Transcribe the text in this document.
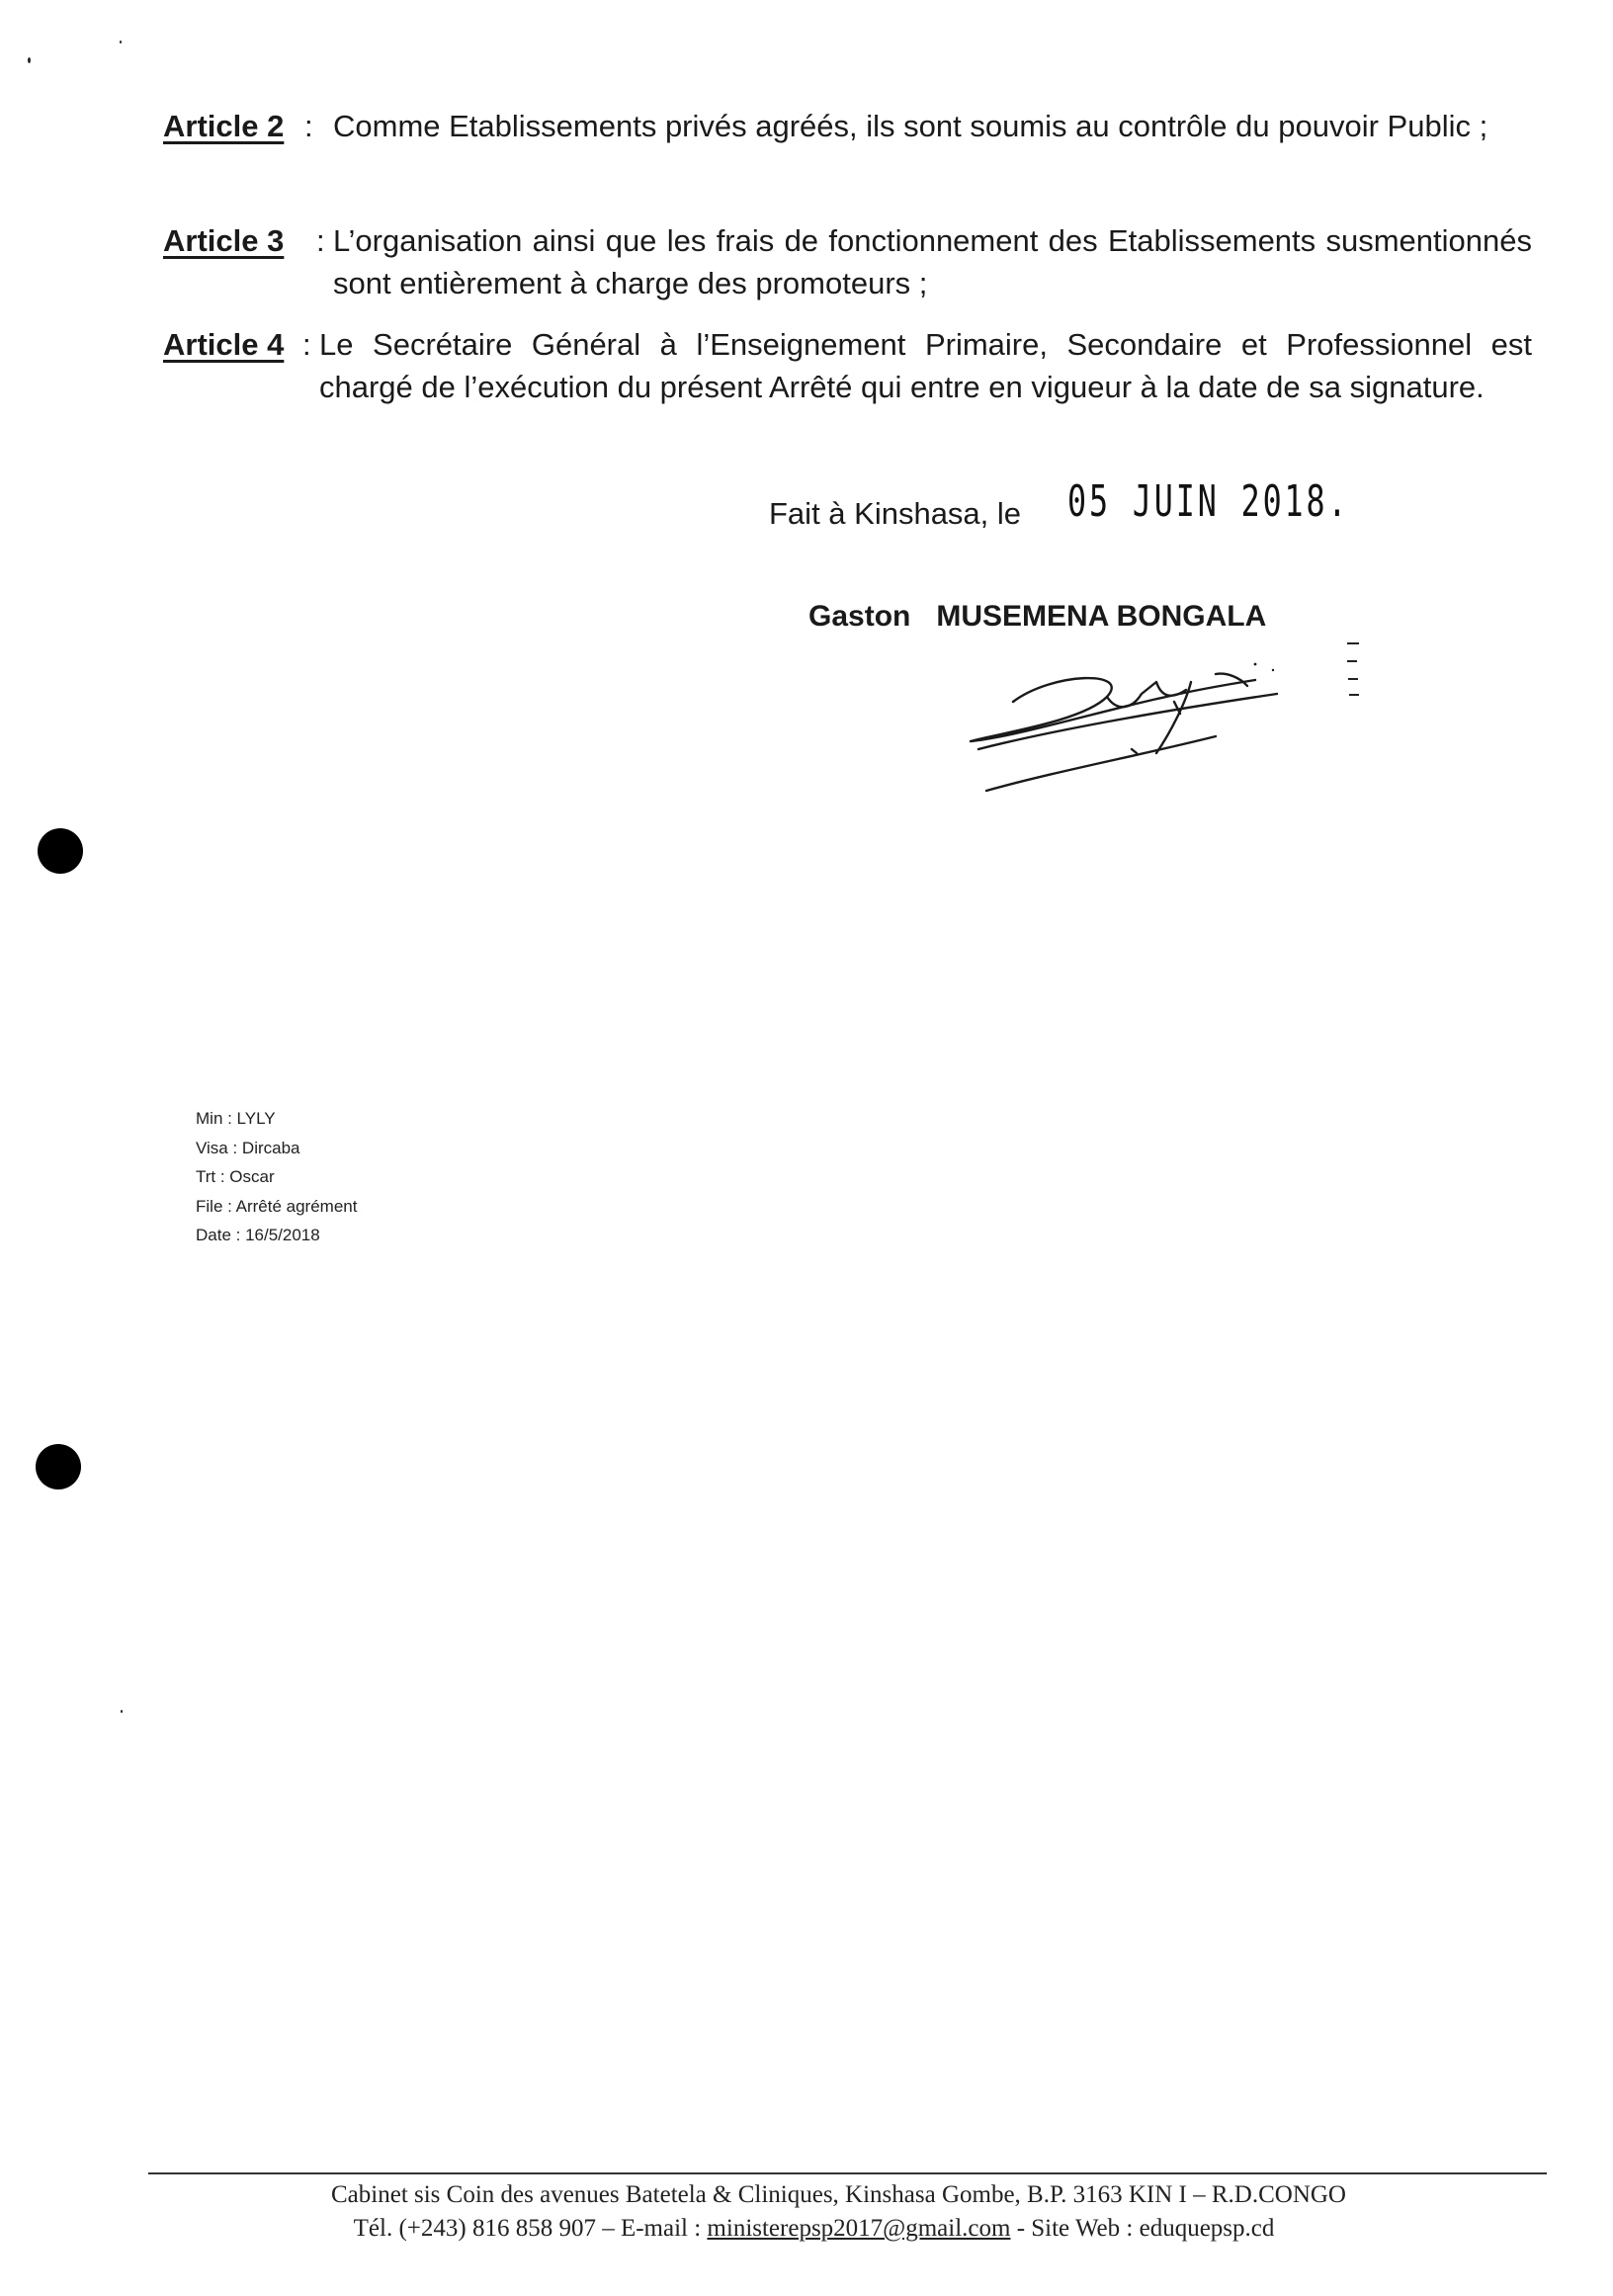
Article 2 : Comme Etablissements privés agréés, ils sont soumis au contrôle du pouvoir Public ;
Article 3 : L’organisation ainsi que les frais de fonctionnement des Etablissements susmentionnés sont entièrement à charge des promoteurs ;
Article 4 : Le Secrétaire Général à l’Enseignement Primaire, Secondaire et Professionnel est chargé de l’exécution du présent Arrêté qui entre en vigueur à la date de sa signature.
Fait à Kinshasa, le 05 JUIN 2018.
Gaston MUSEMENA BONGALA
Min : LYLY
Visa : Dircaba
Trt : Oscar
File : Arrêté agrément
Date : 16/5/2018
Cabinet sis Coin des avenues Batetela & Cliniques, Kinshasa Gombe, B.P. 3163 KIN I – R.D.CONGO
Tél. (+243) 816 858 907 – E-mail : ministerepsp2017@gmail.com - Site Web : eduquepsp.cd
